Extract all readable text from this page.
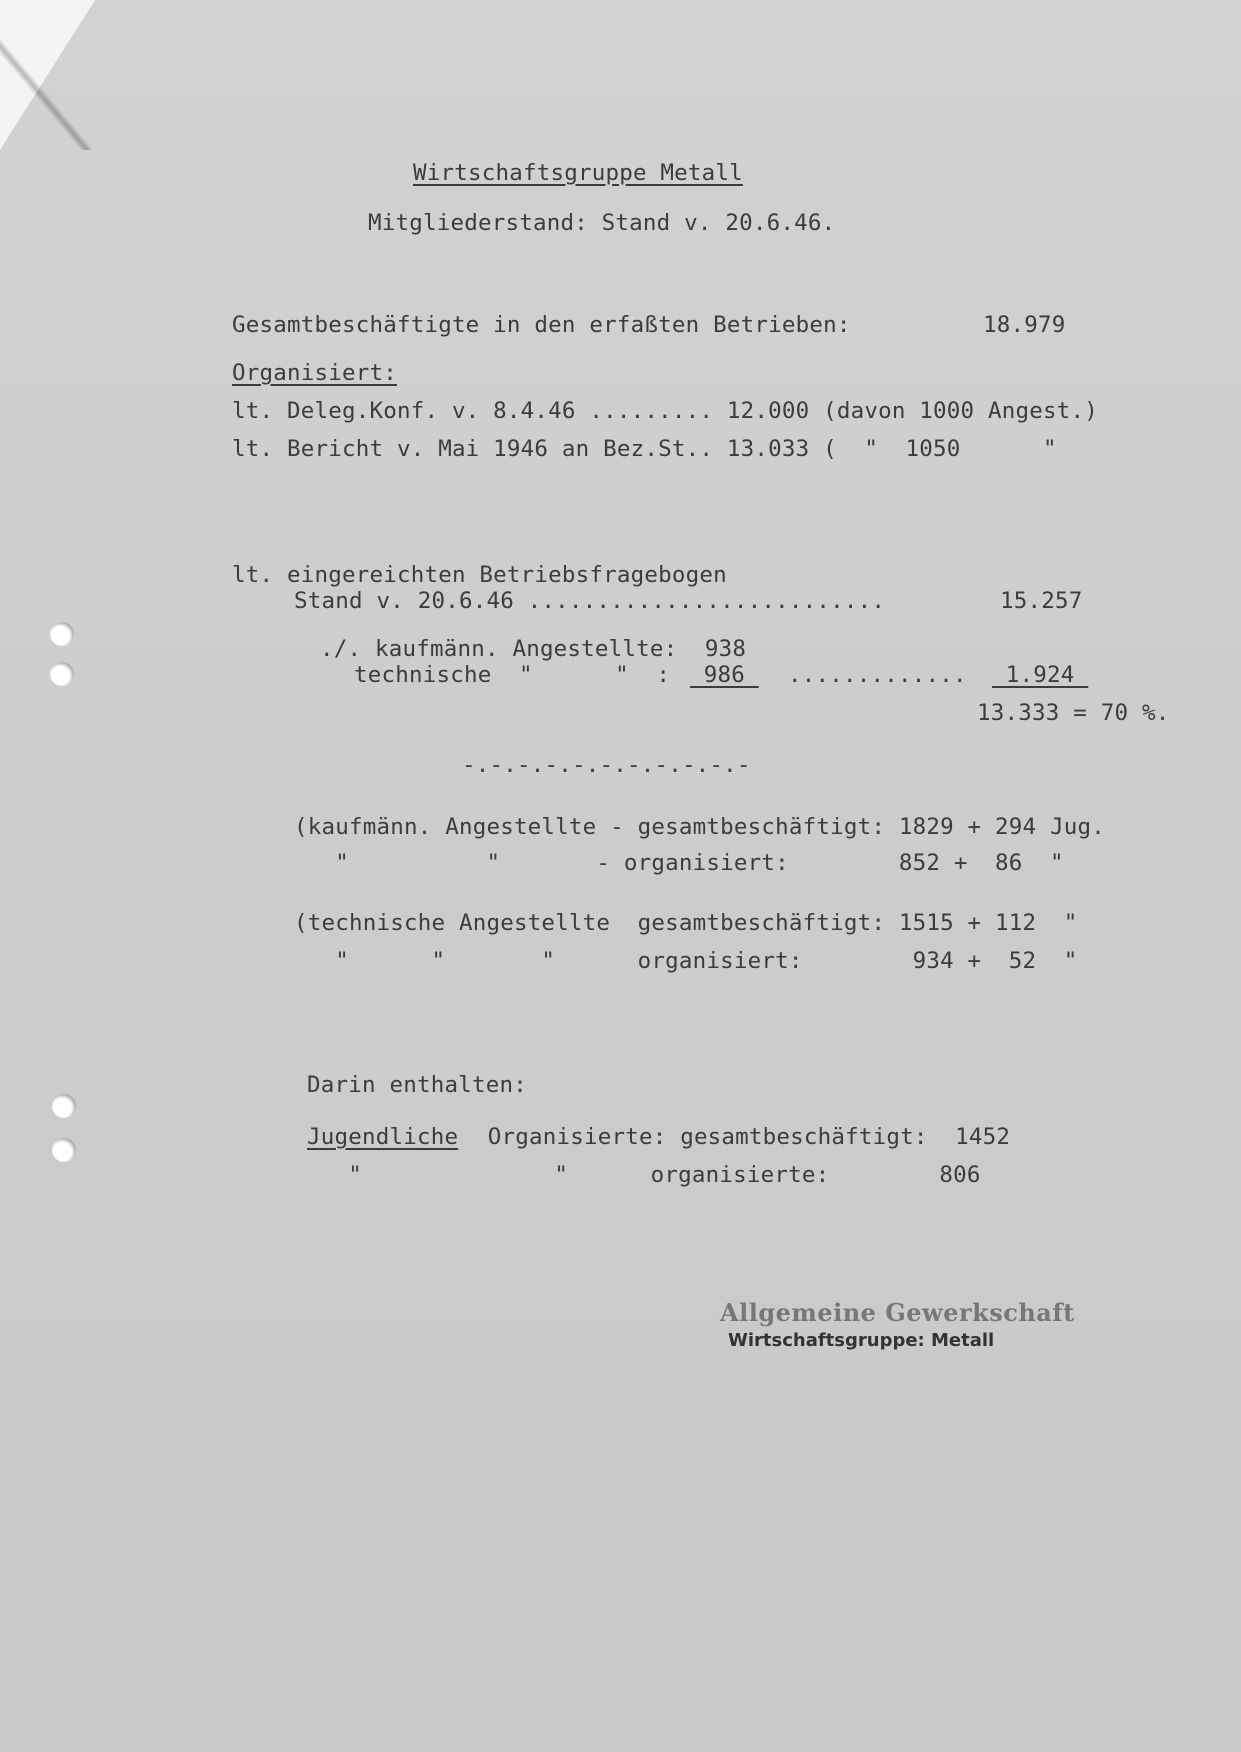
Wirtschaftsgruppe Metall
Mitgliederstand: Stand v. 20.6.46.
Gesamtbeschäftigte in den erfaßten Betrieben:	18.979
Organisiert:
lt. Deleg.Konf. v. 8.4.46 ......... 12.000 (davon 1000 Angest.)
lt. Bericht v. Mai 1946 an Bez.St.. 13.033 (  "  1050      "
lt. eingereichten Betriebsfragebogen
Stand v. 20.6.46 ..........................	15.257
./. kaufmänn. Angestellte:  938
technische  "      "  : 986 ............. 1.924
13.333 = 70 %.
-.-.-.-.-.-.-.-.-.-.-
(kaufmänn. Angestellte - gesamtbeschäftigt: 1829 + 294 Jug.
"          "       - organisiert:        852 +  86  "
(technische Angestellte  gesamtbeschäftigt: 1515 + 112  "
"      "       "      organisiert:        934 +  52  "
Darin enthalten:
Jugendliche Organisierte: gesamtbeschäftigt:  1452
"              "      organisierte:        806
Allgemeine Gewerkschaft
Wirtschaftsgruppe: Metall
